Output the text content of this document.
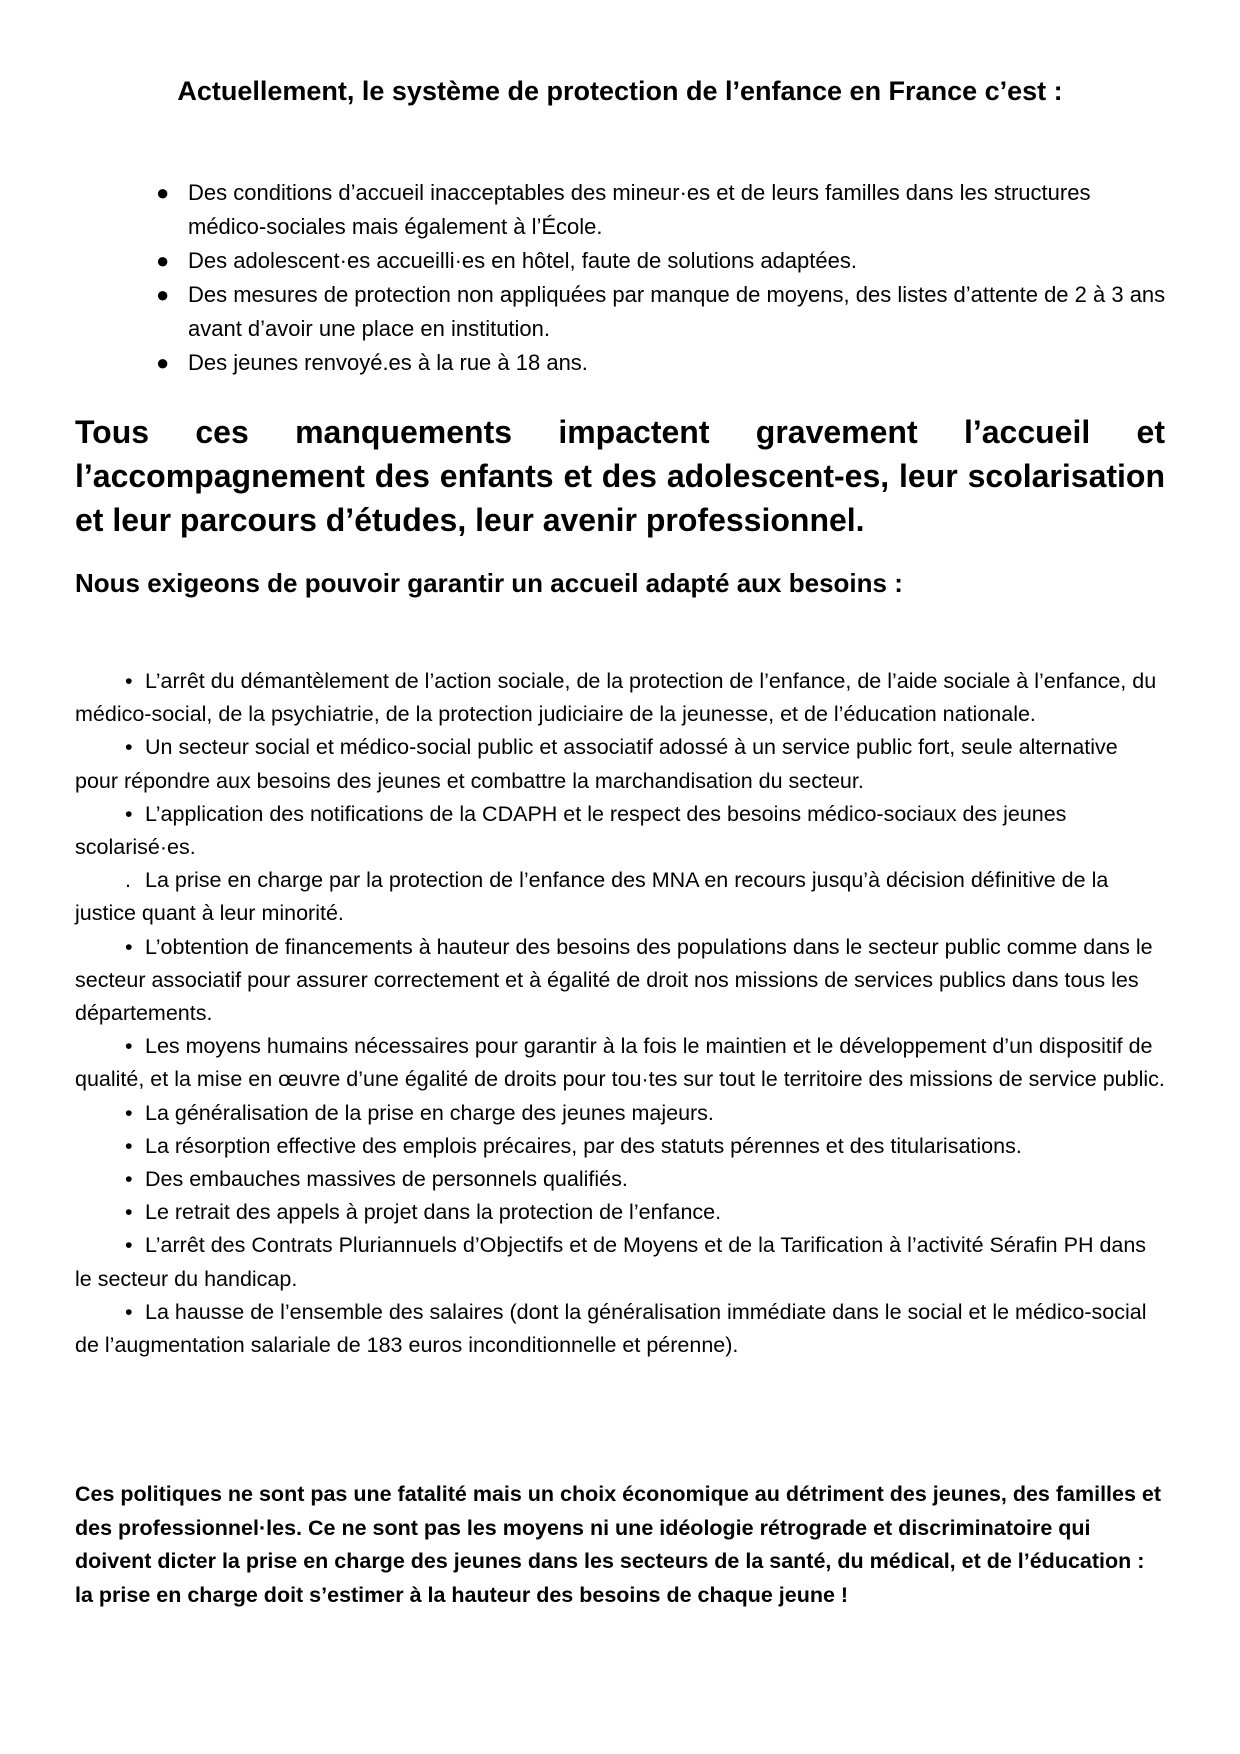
Actuellement, le système de protection de l’enfance en France c’est :
● Des conditions d’accueil inacceptables des mineur·es et de leurs familles dans les structures médico-sociales mais également à l’École.
● Des adolescent·es accueilli·es en hôtel, faute de solutions adaptées.
● Des mesures de protection non appliquées par manque de moyens, des listes d’attente de 2 à 3 ans avant d’avoir une place en institution.
● Des jeunes renvoyé.es à la rue à 18 ans.

Tous ces manquements impactent gravement l’accueil et l’accompagnement des enfants et des adolescent-es, leur scolarisation et leur parcours d’études, leur avenir professionnel.

Nous exigeons de pouvoir garantir un accueil adapté aux besoins :

• L’arrêt du démantèlement de l’action sociale, de la protection de l’enfance, de l’aide sociale à l’enfance, du médico-social, de la psychiatrie, de la protection judiciaire de la jeunesse, et de l’éducation nationale.

• Un secteur social et médico-social public et associatif adossé à un service public fort, seule alternative pour répondre aux besoins des jeunes et combattre la marchandisation du secteur.

• L’application des notifications de la CDAPH et le respect des besoins médico-sociaux des jeunes scolarisé·es.

. La prise en charge par la protection de l’enfance des MNA en recours jusqu’à décision définitive de la justice quant à leur minorité.

• L’obtention de financements à hauteur des besoins des populations dans le secteur public comme dans le secteur associatif pour assurer correctement et à égalité de droit nos missions de services publics dans tous les départements.

• Les moyens humains nécessaires pour garantir à la fois le maintien et le développement d’un dispositif de qualité, et la mise en œuvre d’une égalité de droits pour tou·tes sur tout le territoire des missions de service public.

• La généralisation de la prise en charge des jeunes majeurs.

• La résorption effective des emplois précaires, par des statuts pérennes et des titularisations.

• Des embauches massives de personnels qualifiés.

• Le retrait des appels à projet dans la protection de l’enfance.

• L’arrêt des Contrats Pluriannuels d’Objectifs et de Moyens et de la Tarification à l’activité Sérafin PH dans le secteur du handicap.

• La hausse de l’ensemble des salaires (dont la généralisation immédiate dans le social et le médico-social de l’augmentation salariale de 183 euros inconditionnelle et pérenne).

Ces politiques ne sont pas une fatalité mais un choix économique au détriment des jeunes, des familles et des professionnel·les. Ce ne sont pas les moyens ni une idéologie rétrograde et discriminatoire qui doivent dicter la prise en charge des jeunes dans les secteurs de la santé, du médical, et de l’éducation : la prise en charge doit s’estimer à la hauteur des besoins de chaque jeune !
